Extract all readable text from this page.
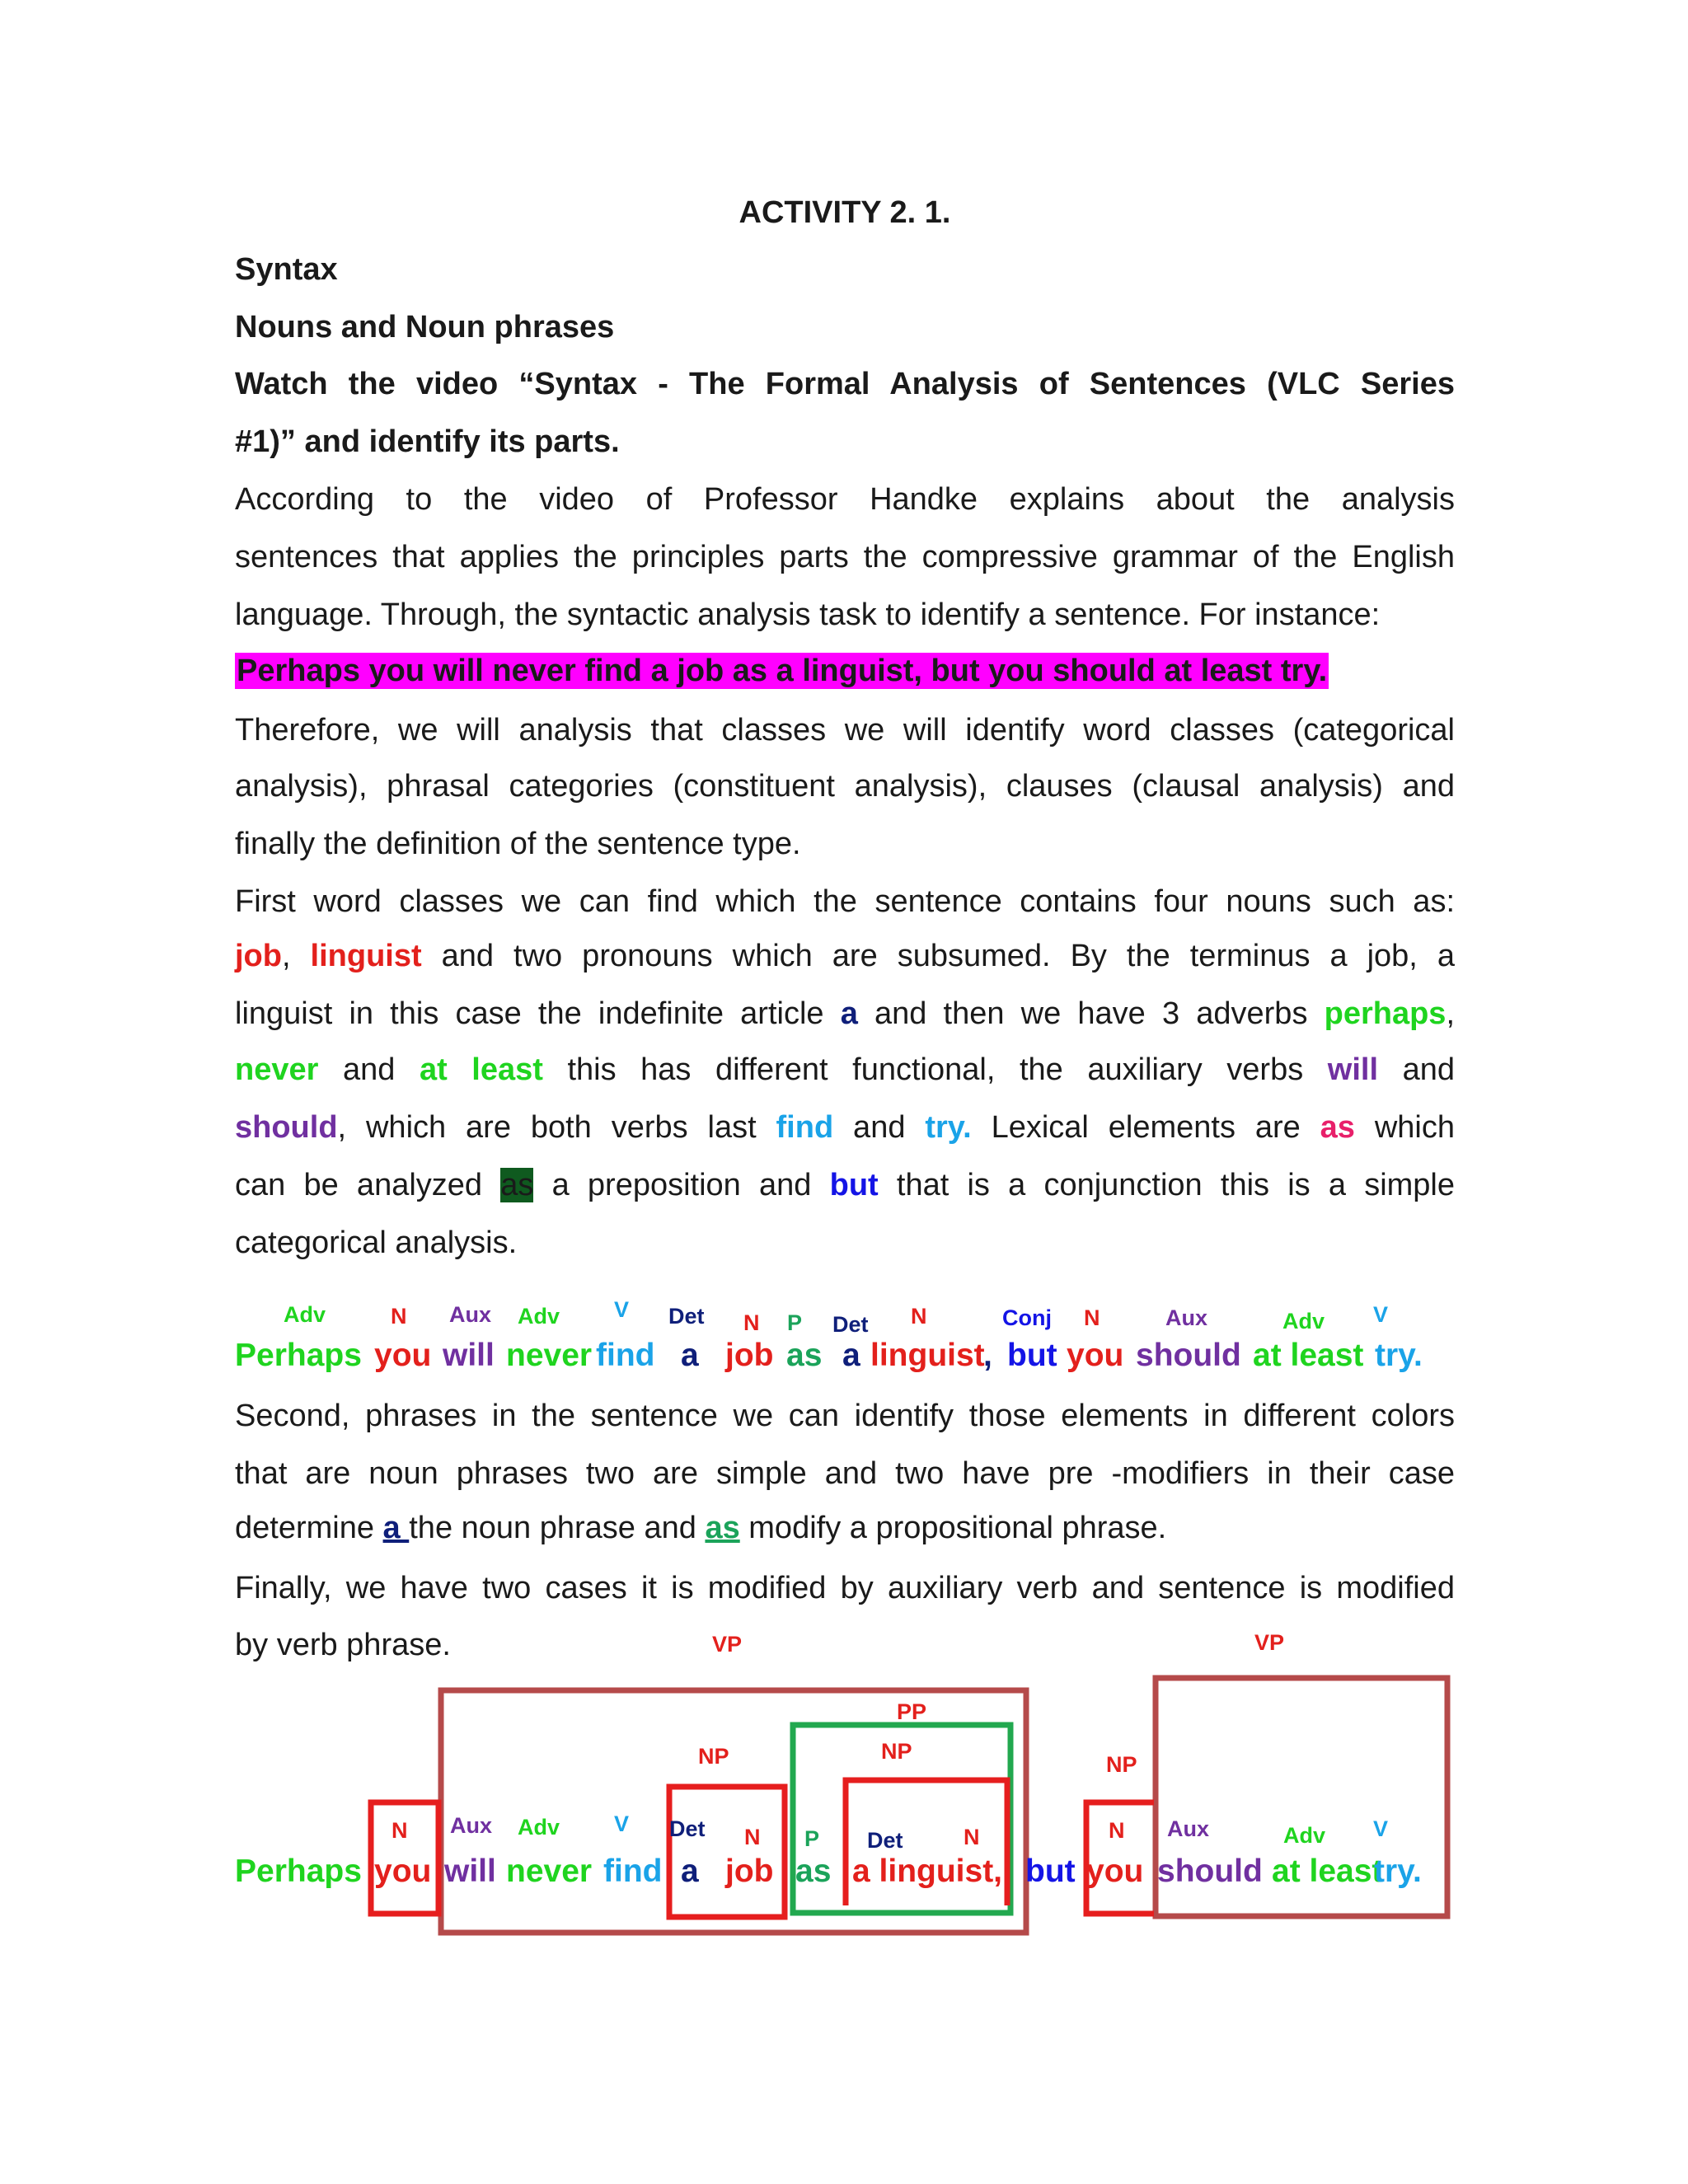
ACTIVITY 2. 1.
Syntax
Nouns and Noun phrases
Watch the video “Syntax - The Formal Analysis of Sentences (VLC Series
#1)” and identify its parts.
According to the video of Professor Handke explains about the analysis
sentences that applies the principles parts the compressive grammar of the English
language. Through, the syntactic analysis task to identify a sentence. For instance:
Perhaps you will never find a job as a linguist, but you should at least try.
Therefore, we will analysis that classes we will identify word classes (categorical
analysis), phrasal categories (constituent analysis), clauses (clausal analysis) and
finally the definition of the sentence type.
First word classes we can find which the sentence contains four nouns such as:
job, linguist and two pronouns which are subsumed. By the terminus a job, a
linguist in this case the indefinite article a and then we have 3 adverbs perhaps,
never and at least this has different functional, the auxiliary verbs will and
should, which are both verbs last find and try. Lexical elements are as which
can be analyzed as a preposition and but that is a conjunction this is a simple
categorical analysis.
Second, phrases in the sentence we can identify those elements in different colors
that are noun phrases two are simple and two have pre -modifiers in their case
determine a the noun phrase and as modify a propositional phrase.
Finally, we have two cases it is modified by auxiliary verb and sentence is modified
by verb phrase.
Adv	N Aux Adv V Det N P Det N	Conj N	Aux	Adv V
Perhaps you will never find a job as a linguist
, but you should at least try.
VP	VP
PP
NP	NP
NP
N Aux Adv V Det N P Det	N	N Aux	Adv V
Perhaps you will never find a job as a linguist, but you should at least
try.
